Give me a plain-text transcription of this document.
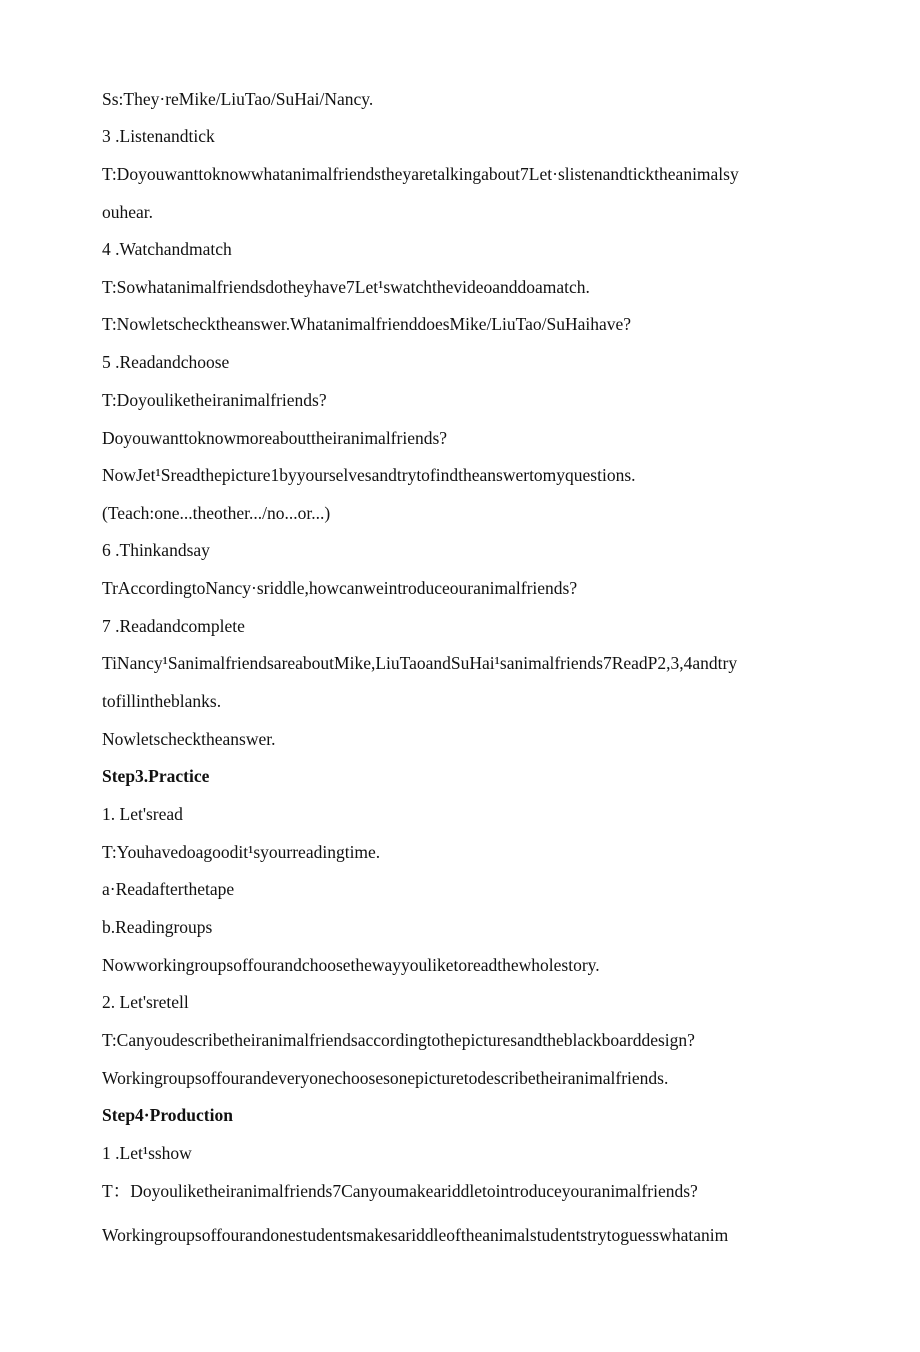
Ss:They·reMike/LiuTao/SuHai/Nancy.
3 .Listenandtick
T:Doyouwanttoknowwhatanimalfriendstheyaretalkingabout7Let·slistenandticktheanimalsy
ouhear.
4 .Watchandmatch
T:Sowhatanimalfriendsdotheyhave7Let¹swatchthevideoanddoamatch.
T:Nowletschecktheanswer.WhatanimalfrienddoesMike/LiuTao/SuHaihave?
5 .Readandchoose
T:Doyouliketheiranimalfriends?
Doyouwanttoknowmoreabouttheiranimalfriends?
NowJet¹Sreadthepicture1byyourselvesandtrytofindtheanswertomyquestions.
(Teach:one...theother.../no...or...)
6 .Thinkandsay
TrAccordingtoNancy·sriddle,howcanweintroduceouranimalfriends?
7 .Readandcomplete
TiNancy¹SanimalfriendsareaboutMike,LiuTaoandSuHai¹sanimalfriends7ReadP2,3,4andtry
tofillintheblanks.
Nowletschecktheanswer.
Step3.Practice
1. Let'sread
T:Youhavedoagoodit¹syourreadingtime.
a·Readafterthetape
b.Readingroups
Nowworkingroupsoffourandchoosethewayyouliketoreadthewholestory.
2. Let'sretell
T:Canyoudescribetheiranimalfriendsaccordingtothepicturesandtheblackboarddesign?
Workingroupsoffourandeveryonechoosesonepicturetodescribetheiranimalfriends.
Step4·Production
1 .Let¹sshow
T：Doyouliketheiranimalfriends7Canyoumakeariddletointroduceyouranimalfriends?
Workingroupsoffourandonestudentsmakesariddleoftheanimalstudentstrytoguesswhatanim
